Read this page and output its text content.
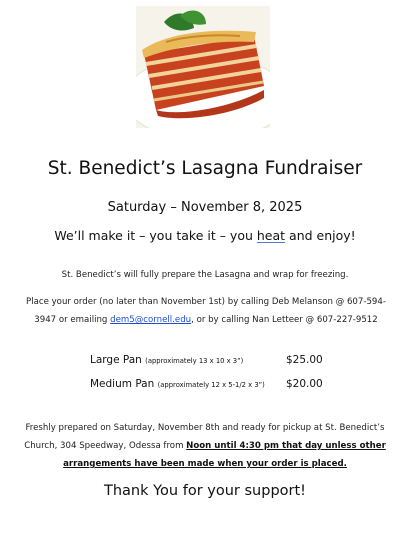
St. Benedict’s Lasagna Fundraiser
Saturday – November 8, 2025
We’ll make it – you take it – you heat and enjoy!
St. Benedict’s will fully prepare the Lasagna and wrap for freezing.
Place your order (no later than November 1st) by calling Deb Melanson @ 607-594-3947 or emailing dem5@cornell.edu, or by calling Nan Letteer @ 607-227-9512
Large Pan (approximately 13 x 10 x 3”)	$25.00
Medium Pan (approximately 12 x 5-1/2 x 3”) $20.00
Freshly prepared on Saturday, November 8th and ready for pickup at St. Benedict’s Church, 304 Speedway, Odessa from Noon until 4:30 pm that day unless other arrangements have been made when your order is placed.
Thank You for your support!
